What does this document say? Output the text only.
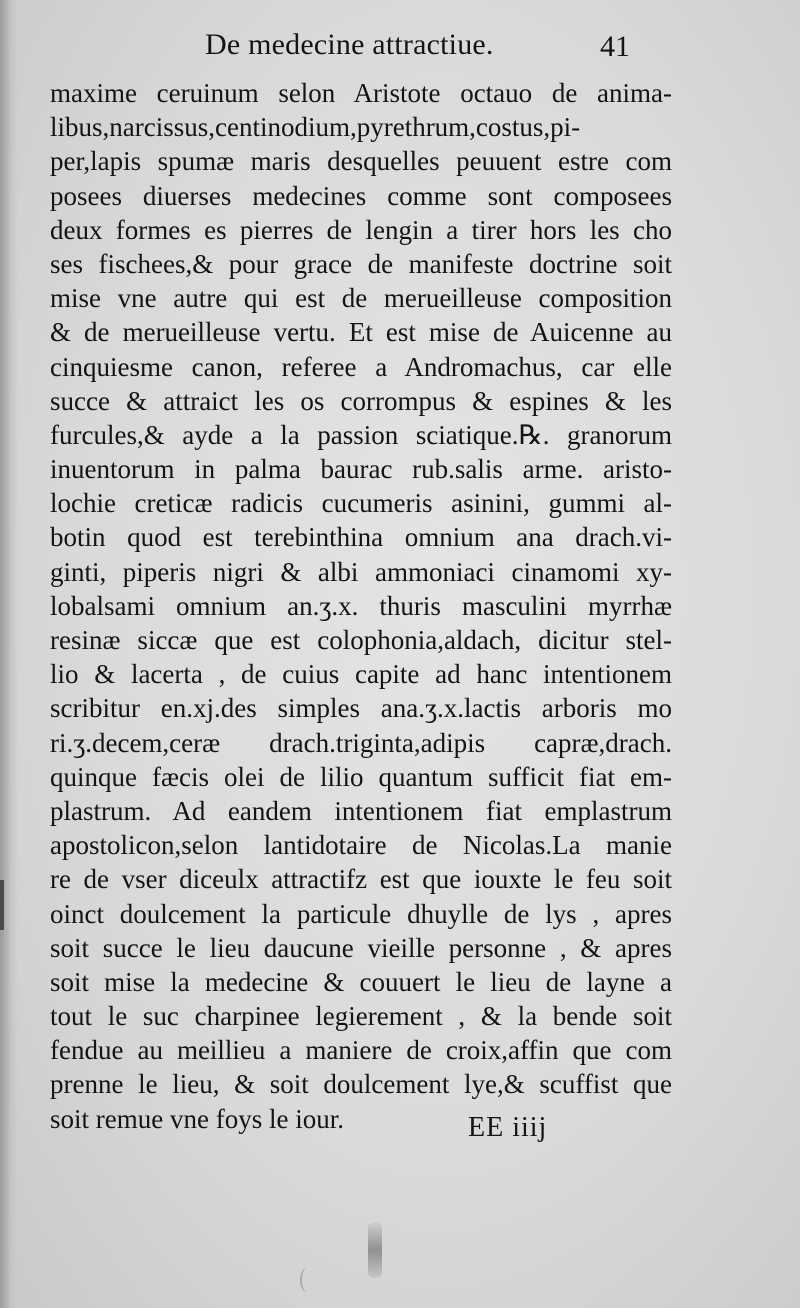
De medecine attractiue.	41
maxime ceruinum selon Aristote octauo de anima-
libus,narcissus,centinodium,pyrethrum,costus,pi-
per,lapis spumæ maris desquelles peuuent estre com
posees diuerses medecines comme sont composees
deux formes es pierres de lengin a tirer hors les cho
ses fischees,& pour grace de manifeste doctrine soit
mise vne autre qui est de merueilleuse composition
& de merueilleuse vertu. Et est mise de Auicenne au
cinquiesme canon, referee a Andromachus, car elle
succe & attraict les os corrompus & espines & les
furcules,& ayde a la passion sciatique.℞. granorum
inuentorum in palma baurac rub.salis arme. aristo-
lochie creticæ radicis cucumeris asinini, gummi al-
botin quod est terebinthina omnium ana drach.vi-
ginti, piperis nigri & albi ammoniaci cinamomi xy-
lobalsami omnium an.ʒ.x. thuris masculini myrrhæ
resinæ siccæ que est colophonia,aldach, dicitur stel-
lio & lacerta , de cuius capite ad hanc intentionem
scribitur en.xj.des simples ana.ʒ.x.lactis arboris mo
ri.ʒ.decem,ceræ drach.triginta,adipis capræ,drach.
quinque fæcis olei de lilio quantum sufficit fiat em-
plastrum. Ad eandem intentionem fiat emplastrum
apostolicon,selon lantidotaire de Nicolas.La manie
re de vser diceulx attractifz est que iouxte le feu soit
oinct doulcement la particule dhuylle de lys , apres
soit succe le lieu daucune vieille personne , & apres
soit mise la medecine & couuert le lieu de layne a
tout le suc charpinee legierement , & la bende soit
fendue au meillieu a maniere de croix,affin que com
prenne le lieu, & soit doulcement lye,& scuffist que
soit remue vne foys le iour.	EE iiij
